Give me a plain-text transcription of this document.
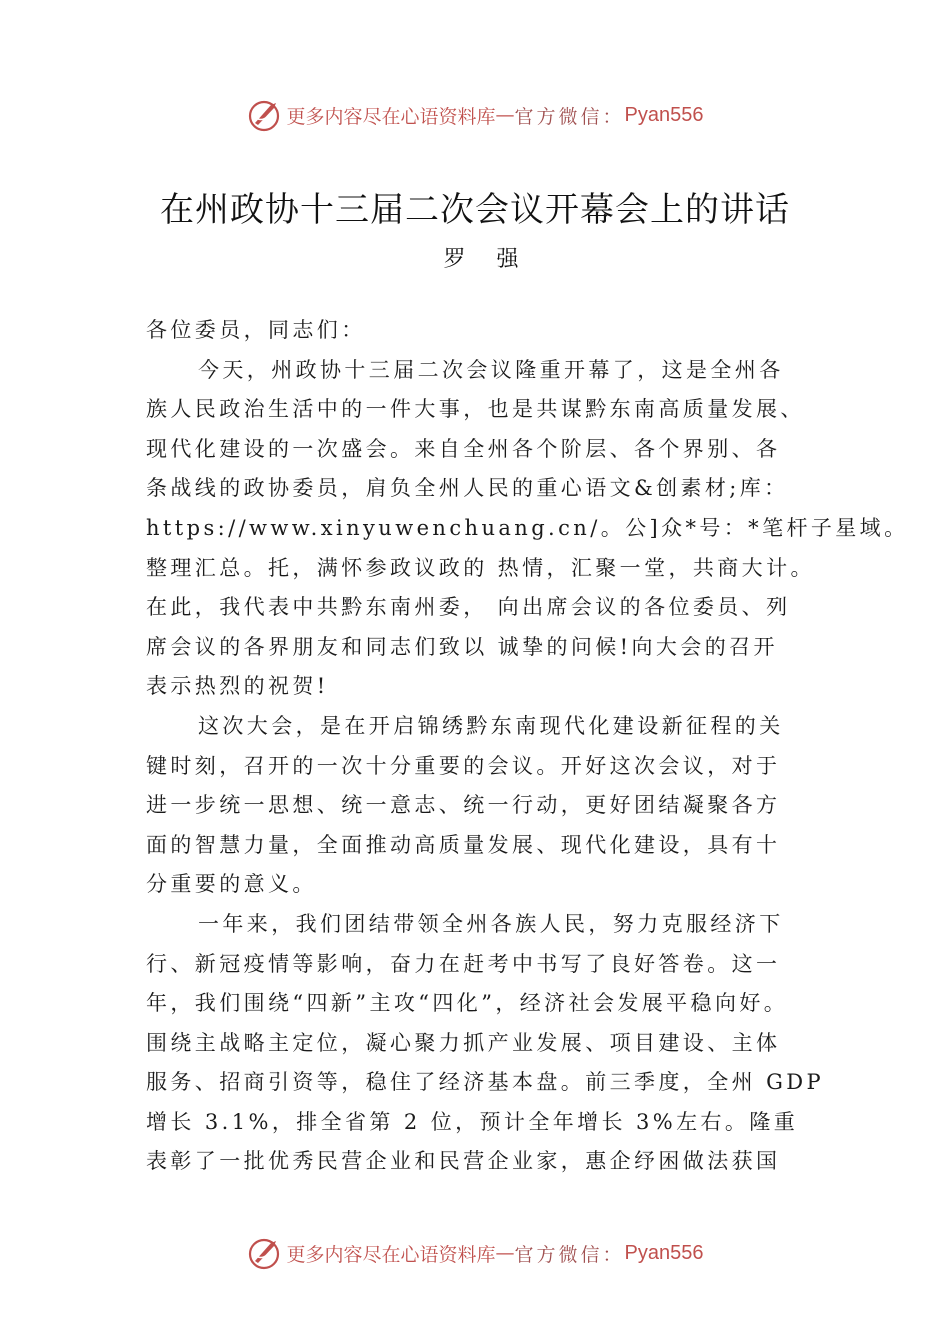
更多内容尽在心语资料库 — 官方微信： Pyan556
在州政协十三届二次会议开幕会上的讲话
罗 强
各位委员，同志们：
今天，州政协十三届二次会议隆重开幕了，这是全州各
族人民政治生活中的一件大事，也是共谋黔东南高质量发展、
现代化建设的一次盛会。来自全州各个阶层、各个界别、各
条战线的政协委员，肩负全州人民的重心语文&创素材;库：
https://www.xinyuwenchuang.cn/。公]众*号：*笔杆子星域。
整理汇总。托，满怀参政议政的 热情，汇聚一堂，共商大计。
在此，我代表中共黔东南州委， 向出席会议的各位委员、列
席会议的各界朋友和同志们致以 诚挚的问候!向大会的召开
表示热烈的祝贺!
这次大会，是在开启锦绣黔东南现代化建设新征程的关
键时刻，召开的一次十分重要的会议。开好这次会议，对于
进一步统一思想、统一意志、统一行动，更好团结凝聚各方
面的智慧力量，全面推动高质量发展、现代化建设，具有十
分重要的意义。
一年来，我们团结带领全州各族人民，努力克服经济下
行、新冠疫情等影响，奋力在赶考中书写了良好答卷。这一
年，我们围绕“四新”主攻“四化”，经济社会发展平稳向好。
围绕主战略主定位，凝心聚力抓产业发展、项目建设、主体
服务、招商引资等，稳住了经济基本盘。前三季度，全州 GDP
增长 3.1%，排全省第 2 位，预计全年增长 3%左右。隆重
表彰了一批优秀民营企业和民营企业家，惠企纾困做法获国
更多内容尽在心语资料库 — 官方微信： Pyan556
